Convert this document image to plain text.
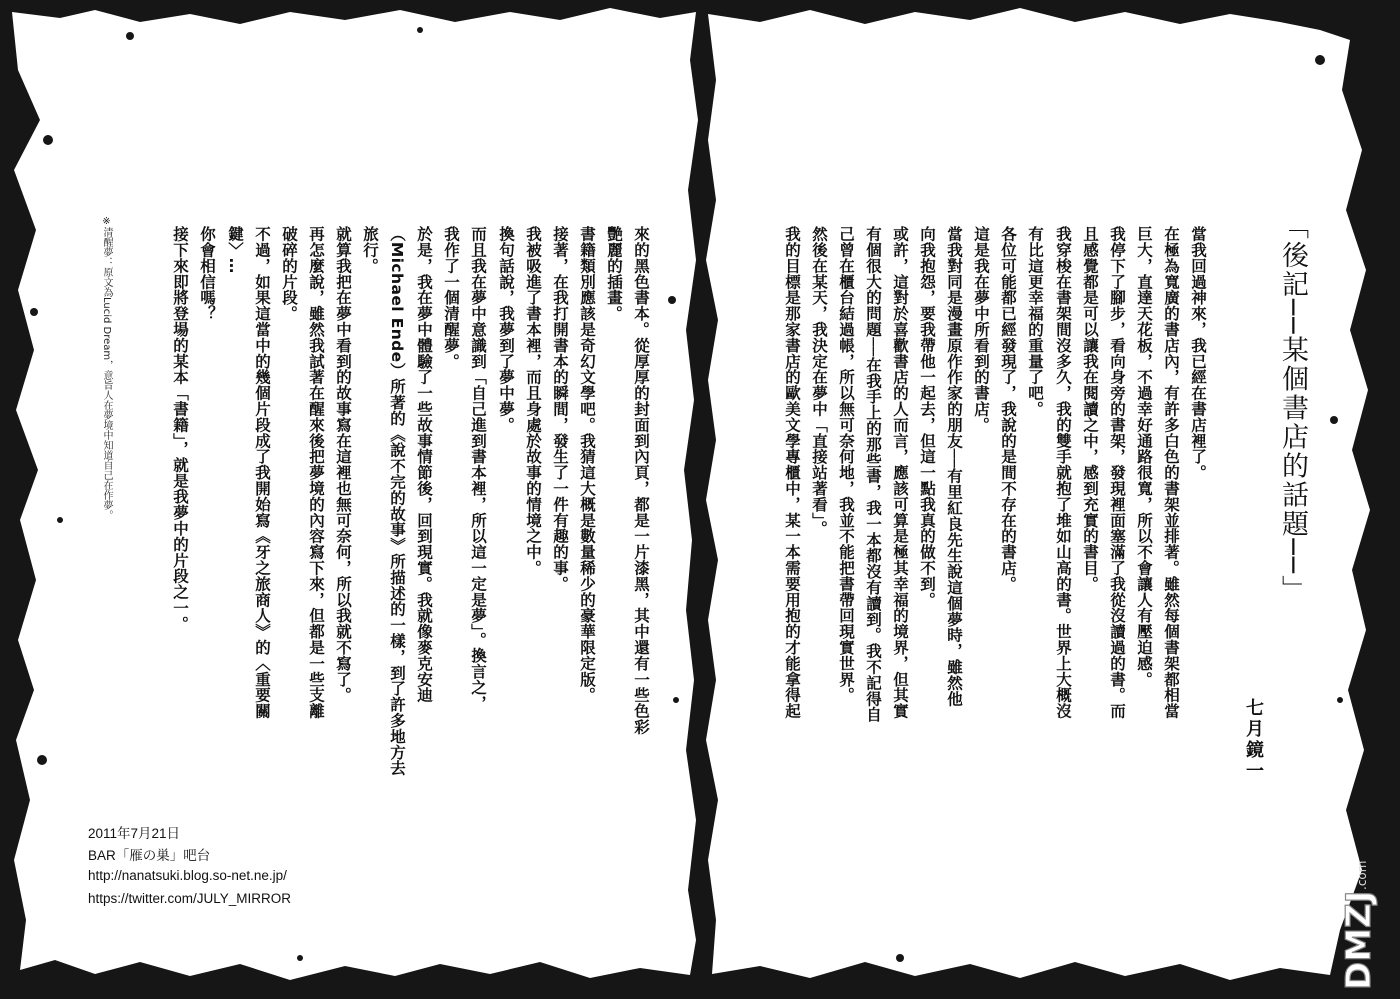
「後記──某個書店的話題──」
七月鏡一
當我回過神來，我已經在書店裡了。
在極為寬廣的書店內，有許多白色的書架並排著。雖然每個書架都相當
巨大，直達天花板，不過幸好通路很寬，所以不會讓人有壓迫感。
我停下了腳步，看向身旁的書架，發現裡面塞滿了我從沒讀過的書。而
且感覺都是可以讓我在閱讀之中，感到充實的書目。
我穿梭在書架間沒多久，我的雙手就抱了堆如山高的書。世界上大概沒
有比這更幸福的重量了吧。
各位可能都已經發現了，我說的是間不存在的書店。
這是我在夢中所看到的書店。
當我對同是漫畫原作作家的朋友──有里紅良先生說這個夢時，雖然他
向我抱怨，要我帶他一起去，但這一點我真的做不到。
或許，這對於喜歡書店的人而言，應該可算是極其幸福的境界，但其實
有個很大的問題──在我手上的那些書，我一本都沒有讀到。我不記得自
己曾在櫃台結過帳，所以無可奈何地，我並不能把書帶回現實世界。
然後在某天，我決定在夢中「直接站著看」。
我的目標是那家書店的歐美文學專櫃中，某一本需要用抱的才能拿得起
來的黑色書本。從厚厚的封面到內頁，都是一片漆黑，其中還有一些色彩
艷麗的插畫。
書籍類別應該是奇幻文學吧。我猜這大概是數量稀少的豪華限定版。
接著，在我打開書本的瞬間，發生了一件有趣的事。
我被吸進了書本裡，而且身處於故事的情境之中。
換句話說，我夢到了夢中夢。
而且我在夢中意識到「自己進到書本裡，所以這一定是夢」。換言之，
我作了一個清醒夢。
於是，我在夢中體驗了一些故事情節後，回到現實。我就像麥克安迪
（Michael Ende）所著的《說不完的故事》所描述的一樣，到了許多地方去
旅行。
就算我把在夢中看到的故事寫在這裡也無可奈何，所以我就不寫了。
再怎麼說，雖然我試著在醒來後把夢境的內容寫下來，但都是一些支離
破碎的片段。
不過，如果這當中的幾個片段成了我開始寫《牙之旅商人》的〈重要關
鍵〉…
你會相信嗎？
接下來即將登場的某本「書籍」，就是我夢中的片段之一。
※清醒夢：原文為Lucid Dream，意旨人在夢境中知道自己在作夢。
2011年7月21日
BAR「雁の巣」吧台
http://nanatsuki.blog.so-net.ne.jp/
https://twitter.com/JULY_MIRROR	DMZJ
.com
